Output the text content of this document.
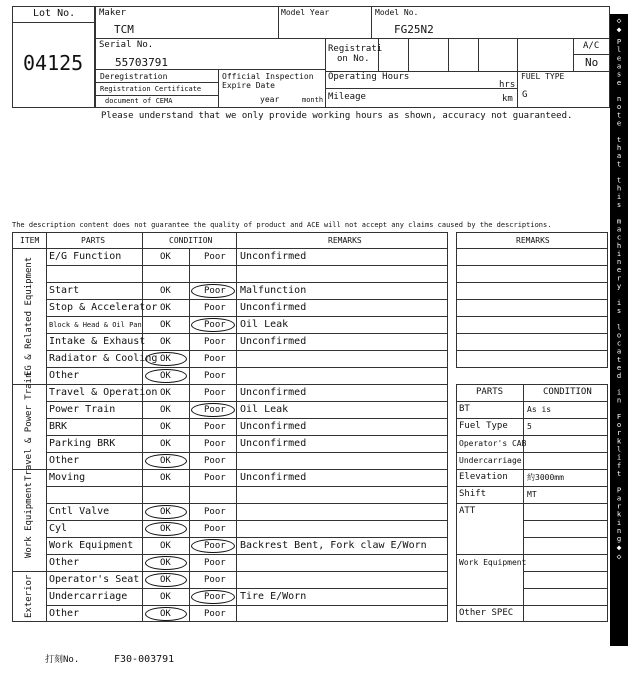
Lot No.
04125
Maker
TCM
Model Year	Model No.
FG25N2
Serial No.
55703791
Registrati
on No.
A/C
No
Deregistration
Registration Certificate
document of CEMA
Official Inspection
Expire Date
year	month
Operating Hours
hrs
Mileage	km
FUEL TYPE
G
Please understand that we only provide working hours as shown, accuracy not guaranteed.
The description content does not guarantee the quality of product and ACE will not accept any claims caused by the descriptions.
ITEM	PARTS	CONDITION	REMARKS
EG & Related Equipment	E/G Function	OK	Poor Unconfirmed
Start	OK	Poor Malfunction
Stop & Accelerator OK	Poor Unconfirmed
Block & Head & Oil Pan OK	Poor Oil Leak
Intake & Exhaust OK	Poor Unconfirmed
Radiator & Cooling OK	Poor
Other	OK	Poor
Travel & Power Train	Travel & Operation OK	Poor Unconfirmed
Power Train	OK	Poor Oil Leak
BRK	OK	Poor Unconfirmed
Parking BRK	OK	Poor Unconfirmed
Other	OK	Poor
Work Equipment
Moving	OK	Poor Unconfirmed
Cntl Valve	OK	Poor
Cyl	OK	Poor
Work Equipment	OK	Poor Backrest Bent, Fork claw E/Worn
Other	OK	Poor
Exterior	Operator's Seat OK	Poor
Undercarriage	OK	Poor Tire E/Worn
Other	OK	Poor
REMARKS
PARTS	CONDITION
BT	As is
Fuel Type 5
Operator's CAB
Undercarriage
Elevation 約3000mm
Shift	MT
ATT
Work Equipment
Other SPEC
◇
◆
Please note that this machinery is located in Forklift Parking
◆
◇
打刻No.	F30-003791
